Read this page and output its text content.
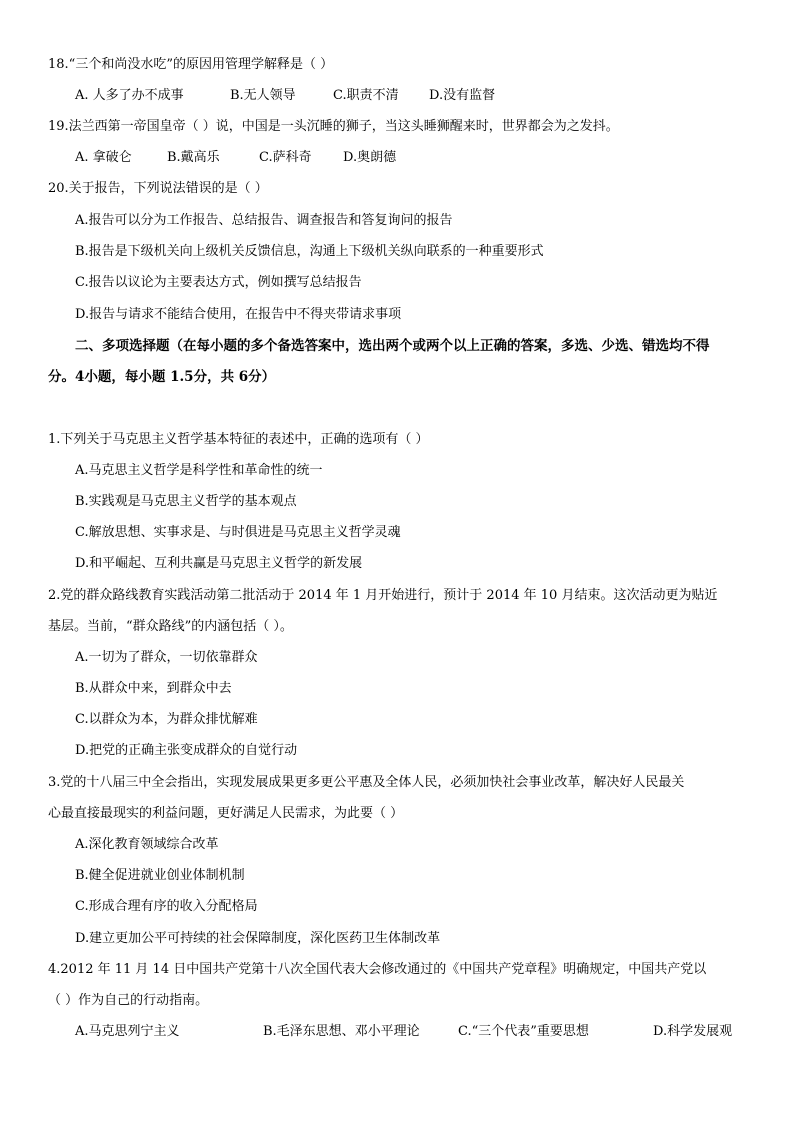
18.“三个和尚没水吃”的原因用管理学解释是（ ）
A. 人多了办不成事	B.无人领导	C.职责不清 D.没有监督
19.法兰西第一帝国皇帝（ ）说，中国是一头沉睡的狮子，当这头睡狮醒来时，世界都会为之发抖。
A. 拿破仑	B.戴高乐	C.萨科奇 D.奥朗德
20.关于报告，下列说法错误的是（ ）
A.报告可以分为工作报告、总结报告、调查报告和答复询问的报告
B.报告是下级机关向上级机关反馈信息，沟通上下级机关纵向联系的一种重要形式
C.报告以议论为主要表达方式，例如撰写总结报告
D.报告与请求不能结合使用，在报告中不得夹带请求事项
二、多项选择题（在每小题的多个备选答案中，选出两个或两个以上正确的答案，多选、少选、错选均不得
分。4小题，每小题 1.5分，共 6分）
1.下列关于马克思主义哲学基本特征的表述中，正确的选项有（ ）
A.马克思主义哲学是科学性和革命性的统一
B.实践观是马克思主义哲学的基本观点
C.解放思想、实事求是、与时俱进是马克思主义哲学灵魂
D.和平崛起、互利共赢是马克思主义哲学的新发展
2.党的群众路线教育实践活动第二批活动于 2014 年 1 月开始进行，预计于 2014 年 10 月结束。这次活动更为贴近
基层。当前，“群众路线”的内涵包括（ ）。
A.一切为了群众，一切依靠群众
B.从群众中来，到群众中去
C.以群众为本，为群众排忧解难
D.把党的正确主张变成群众的自觉行动
3.党的十八届三中全会指出，实现发展成果更多更公平惠及全体人民，必须加快社会事业改革，解决好人民最关
心最直接最现实的利益问题，更好满足人民需求，为此要（ ）
A.深化教育领域综合改革
B.健全促进就业创业体制机制
C.形成合理有序的收入分配格局
D.建立更加公平可持续的社会保障制度，深化医药卫生体制改革
4.2012 年 11 月 14 日中国共产党第十八次全国代表大会修改通过的《中国共产党章程》明确规定，中国共产党以
（ ）作为自己的行动指南。
A.马克思列宁主义	B.毛泽东思想、邓小平理论	C.“三个代表”重要思想	D.科学发展观
